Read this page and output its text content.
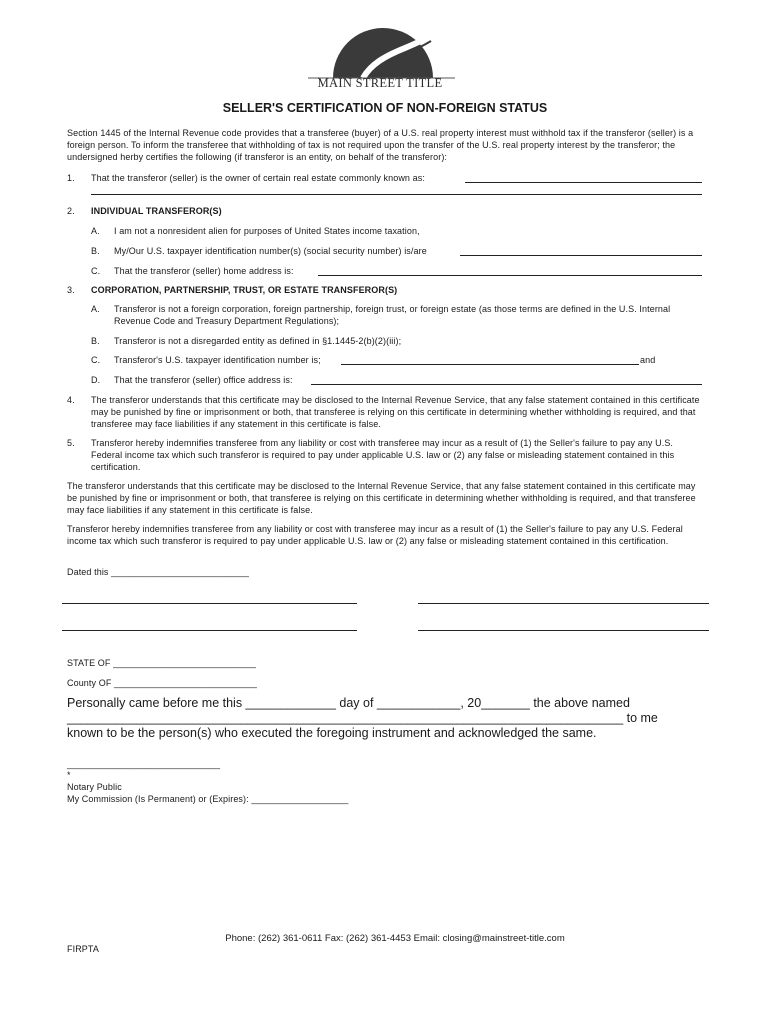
MAIN STREET TITLE
SELLER'S CERTIFICATION OF NON-FOREIGN STATUS
Section 1445 of the Internal Revenue code provides that a transferee (buyer) of a U.S. real property interest must withhold tax if the transferor (seller) is a foreign person. To inform the transferee that withholding of tax is not required upon the transfer of the U.S. real property interest by the transferor; the undersigned herby certifies the following (if transferor is an entity, on behalf of the transferor):
1. That the transferor (seller) is the owner of certain real estate commonly known as:
2. INDIVIDUAL TRANSFEROR(S)
A. I am not a nonresident alien for purposes of United States income taxation,
B. My/Our U.S. taxpayer identification number(s) (social security number) is/are
C. That the transferor (seller) home address is:
3. CORPORATION, PARTNERSHIP, TRUST, OR ESTATE TRANSFEROR(S)
A. Transferor is not a foreign corporation, foreign partnership, foreign trust, or foreign estate (as those terms are defined in the U.S. Internal Revenue Code and Treasury Department Regulations);
B. Transferor is not a disregarded entity as defined in §1.1445-2(b)(2)(iii);
C. Transferor's U.S. taxpayer identification number is;	and
D. That the transferor (seller) office address is:
4. The transferor understands that this certificate may be disclosed to the Internal Revenue Service, that any false statement contained in this certificate may be punished by fine or imprisonment or both, that transferee is relying on this certificate in determining whether withholding is required, and that transferee may face liabilities if any statement in this certificate is false.
5. Transferor hereby indemnifies transferee from any liability or cost with transferee may incur as a result of (1) the Seller's failure to pay any U.S. Federal income tax which such transferor is required to pay under applicable U.S. law or (2) any false or misleading statement contained in this certification.
The transferor understands that this certificate may be disclosed to the Internal Revenue Service, that any false statement contained in this certificate may be punished by fine or imprisonment or both, that transferee is relying on this certificate in determining whether withholding is required, and that transferee may face liabilities if any statement in this certificate is false.
Transferor hereby indemnifies transferee from any liability or cost with transferee may incur as a result of (1) the Seller's failure to pay any U.S. Federal income tax which such transferor is required to pay under applicable U.S. law or (2) any false or misleading statement contained in this certification.
Dated this ___________________________
STATE OF ____________________________
County OF ____________________________
Personally came before me this _____________ day of ____________, 20_______ the above named
________________________________________________________________________________ to me
known to be the person(s) who executed the foregoing instrument and acknowledged the same.
______________________________
*
Notary Public
My Commission (Is Permanent) or (Expires): ___________________
Phone: (262) 361-0611 Fax: (262) 361-4453 Email: closing@mainstreet-title.com
FIRPTA
